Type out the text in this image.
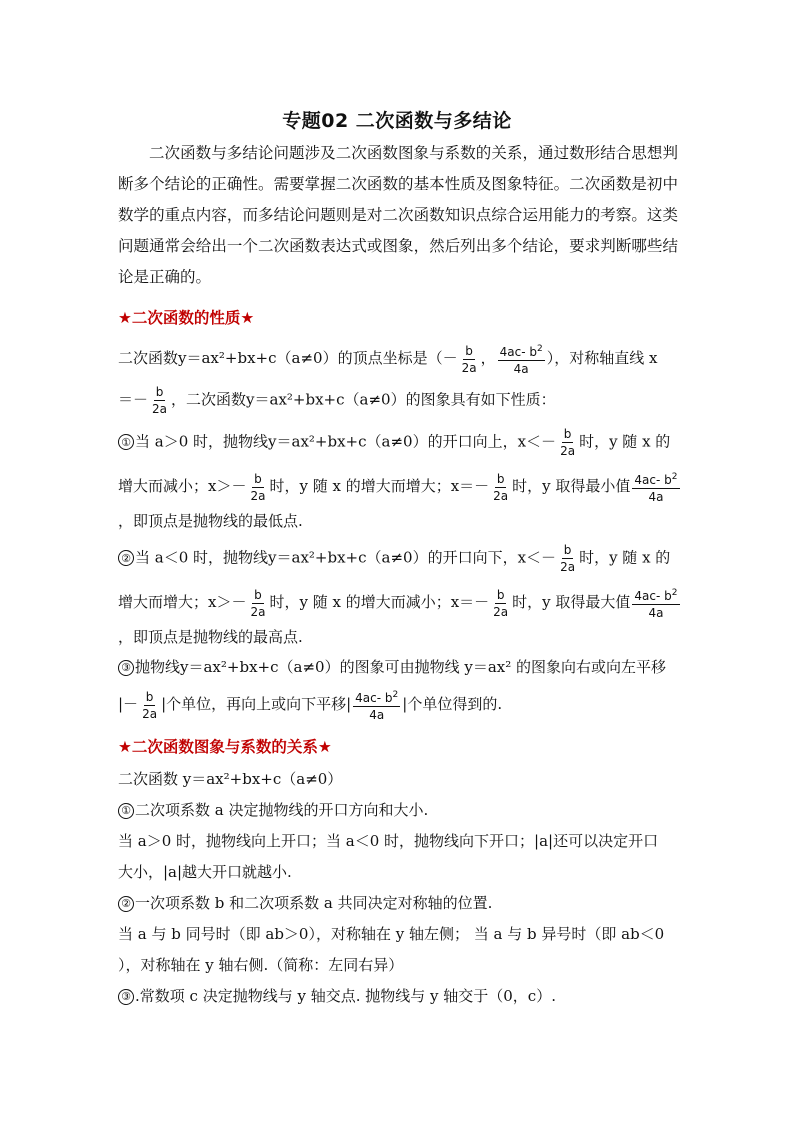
专题02 二次函数与多结论
二次函数与多结论问题涉及二次函数图象与系数的关系，通过数形结合思想判断多个结论的正确性。需要掌握二次函数的基本性质及图象特征。二次函数是初中数学的重点内容，而多结论问题则是对二次函数知识点综合运用能力的考察。这类问题通常会给出一个二次函数表达式或图象，然后列出多个结论，要求判断哪些结论是正确的。
★二次函数的性质★
二次函数y＝ax²+bx+c（a≠0）的顶点坐标是（－ $\frac{b}{2a}$ ， $\frac{4ac- b^2}{4a}$ ），对称轴直线 x
＝－ $\frac{b}{2a}$ ，二次函数y＝ax²+bx+c（a≠0）的图象具有如下性质：
① 当 a＞0 时，抛物线y＝ax²+bx+c（a≠0）的开口向上，$x<- \frac{b}{2a}$ 时，y 随 x 的
增大而减小；$x>- \frac{b}{2a}$ 时，y 随 x 的增大而增大；$x=- \frac{b}{2a}$ 时，y 取得最小值 $\frac{4ac- b^2}{4a}$
，即顶点是抛物线的最低点.
② 当 a＜0 时，抛物线y＝ax²+bx+c（a≠0）的开口向下，$x<- \frac{b}{2a}$ 时，y 随 x 的
增大而增大；$x>- \frac{b}{2a}$ 时，y 随 x 的增大而减小；$x=- \frac{b}{2a}$ 时，y 取得最大值 $\frac{4ac- b^2}{4a}$
，即顶点是抛物线的最高点.
③ 抛物线y＝ax²+bx+c（a≠0）的图象可由抛物线 y＝ax² 的图象向右或向左平移
|－ $\frac{b}{2a}$ |个单位，再向上或向下平移| $\frac{4ac- b^2}{4a}$ |个单位得到的.
★二次函数图象与系数的关系★
二次函数 y＝ax²+bx+c（a≠0）
① 二次项系数 a 决定抛物线的开口方向和大小.
当 a＞0 时，抛物线向上开口；当 a＜0 时，抛物线向下开口；|a|还可以决定开口
大小，|a|越大开口就越小.
② 一次项系数 b 和二次项系数 a 共同决定对称轴的位置.
当 a 与 b 同号时（即 ab＞0），对称轴在 y 轴左侧； 当 a 与 b 异号时（即 ab＜0
），对称轴在 y 轴右侧.（简称：左同右异）
③ .常数项 c 决定抛物线与 y 轴交点. 抛物线与 y 轴交于（0，c）.
